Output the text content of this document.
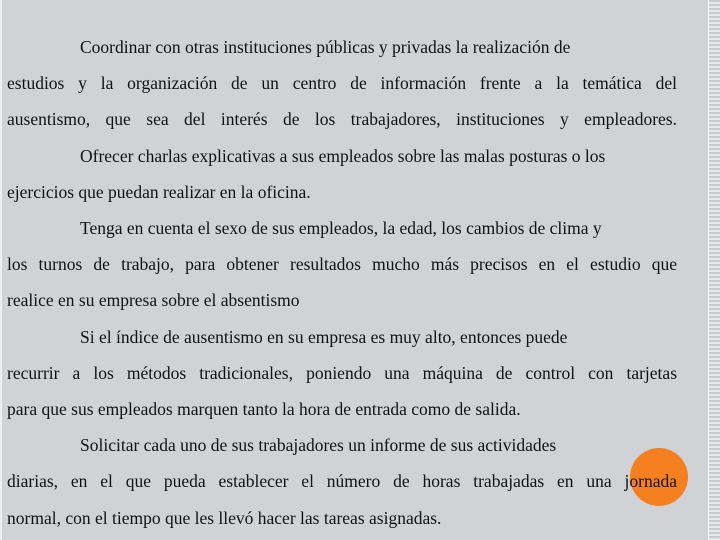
Coordinar con otras instituciones públicas y privadas la realización de
estudios y la organización de un centro de información frente a la temática del
ausentismo, que sea del interés de los trabajadores, instituciones y empleadores.
Ofrecer charlas explicativas a sus empleados sobre las malas posturas o los
ejercicios que puedan realizar en la oficina.
Tenga en cuenta el sexo de sus empleados, la edad, los cambios de clima y
los turnos de trabajo, para obtener resultados mucho más precisos en el estudio que
realice en su empresa sobre el absentismo
Si el índice de ausentismo en su empresa es muy alto, entonces puede
recurrir a los métodos tradicionales, poniendo una máquina de control con tarjetas
para que sus empleados marquen tanto la hora de entrada como de salida.
Solicitar cada uno de sus trabajadores un informe de sus actividades
diarias, en el que pueda establecer el número de horas trabajadas en una jornada
normal, con el tiempo que les llevó hacer las tareas asignadas.
